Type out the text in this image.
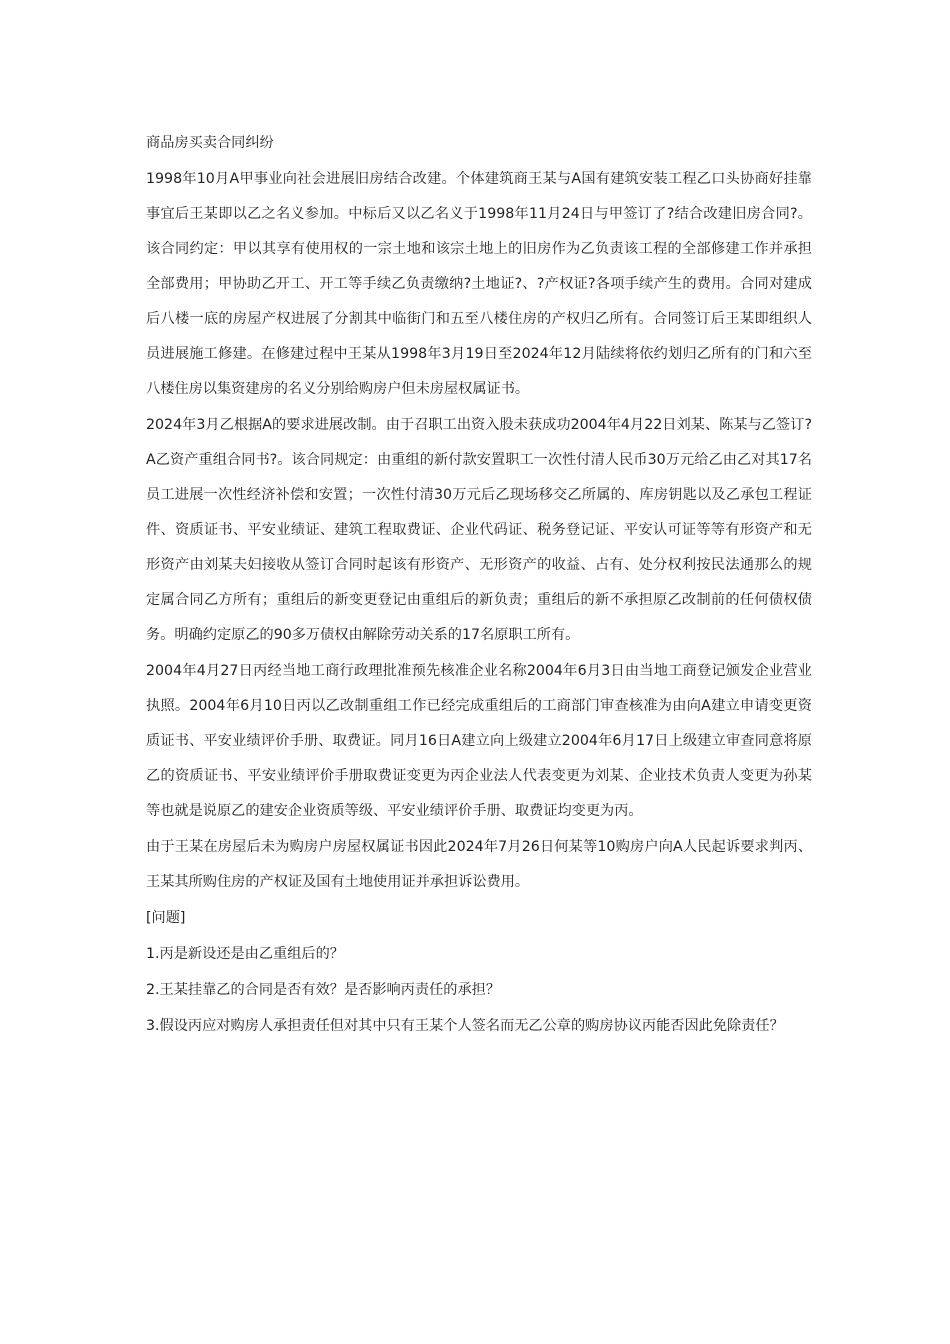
商品房买卖合同纠纷

1998年10月A甲事业向社会进展旧房结合改建。个体建筑商王某与A国有建筑安装工程乙口头协商好挂靠事宜后王某即以乙之名义参加。中标后又以乙名义于1998年11月24日与甲签订了?结合改建旧房合同?。该合同约定：甲以其享有使用权的一宗土地和该宗土地上的旧房作为乙负责该工程的全部修建工作并承担全部费用；甲协助乙开工、开工等手续乙负责缴纳?土地证?、?产权证?各项手续产生的费用。合同对建成后八楼一底的房屋产权进展了分割其中临街门和五至八楼住房的产权归乙所有。合同签订后王某即组织人员进展施工修建。在修建过程中王某从1998年3月19日至2024年12月陆续将依约划归乙所有的门和六至八楼住房以集资建房的名义分别给购房户但未房屋权属证书。

2024年3月乙根据A的要求进展改制。由于召职工出资入股未获成功2004年4月22日刘某、陈某与乙签订?A乙资产重组合同书?。该合同规定：由重组的新付款安置职工一次性付清人民币30万元给乙由乙对其17名员工进展一次性经济补偿和安置；一次性付清30万元后乙现场移交乙所属的、库房钥匙以及乙承包工程证件、资质证书、平安业绩证、建筑工程取费证、企业代码证、税务登记证、平安认可证等等有形资产和无形资产由刘某夫妇接收从签订合同时起该有形资产、无形资产的收益、占有、处分权利按民法通那么的规定属合同乙方所有；重组后的新变更登记由重组后的新负责；重组后的新不承担原乙改制前的任何债权债务。明确约定原乙的90多万债权由解除劳动关系的17名原职工所有。

2004年4月27日丙经当地工商行政理批准预先核准企业名称2004年6月3日由当地工商登记颁发企业营业执照。2004年6月10日丙以乙改制重组工作已经完成重组后的工商部门审查核准为由向A建立申请变更资质证书、平安业绩评价手册、取费证。同月16日A建立向上级建立2004年6月17日上级建立审查同意将原乙的资质证书、平安业绩评价手册取费证变更为丙企业法人代表变更为刘某、企业技术负责人变更为孙某等也就是说原乙的建安企业资质等级、平安业绩评价手册、取费证均变更为丙。

由于王某在房屋后未为购房户房屋权属证书因此2024年7月26日何某等10购房户向A人民起诉要求判丙、王某其所购住房的产权证及国有土地使用证并承担诉讼费用。

[问题]

1.丙是新设还是由乙重组后的？

2.王某挂靠乙的合同是否有效？是否影响丙责任的承担？

3.假设丙应对购房人承担责任但对其中只有王某个人签名而无乙公章的购房协议丙能否因此免除责任？
